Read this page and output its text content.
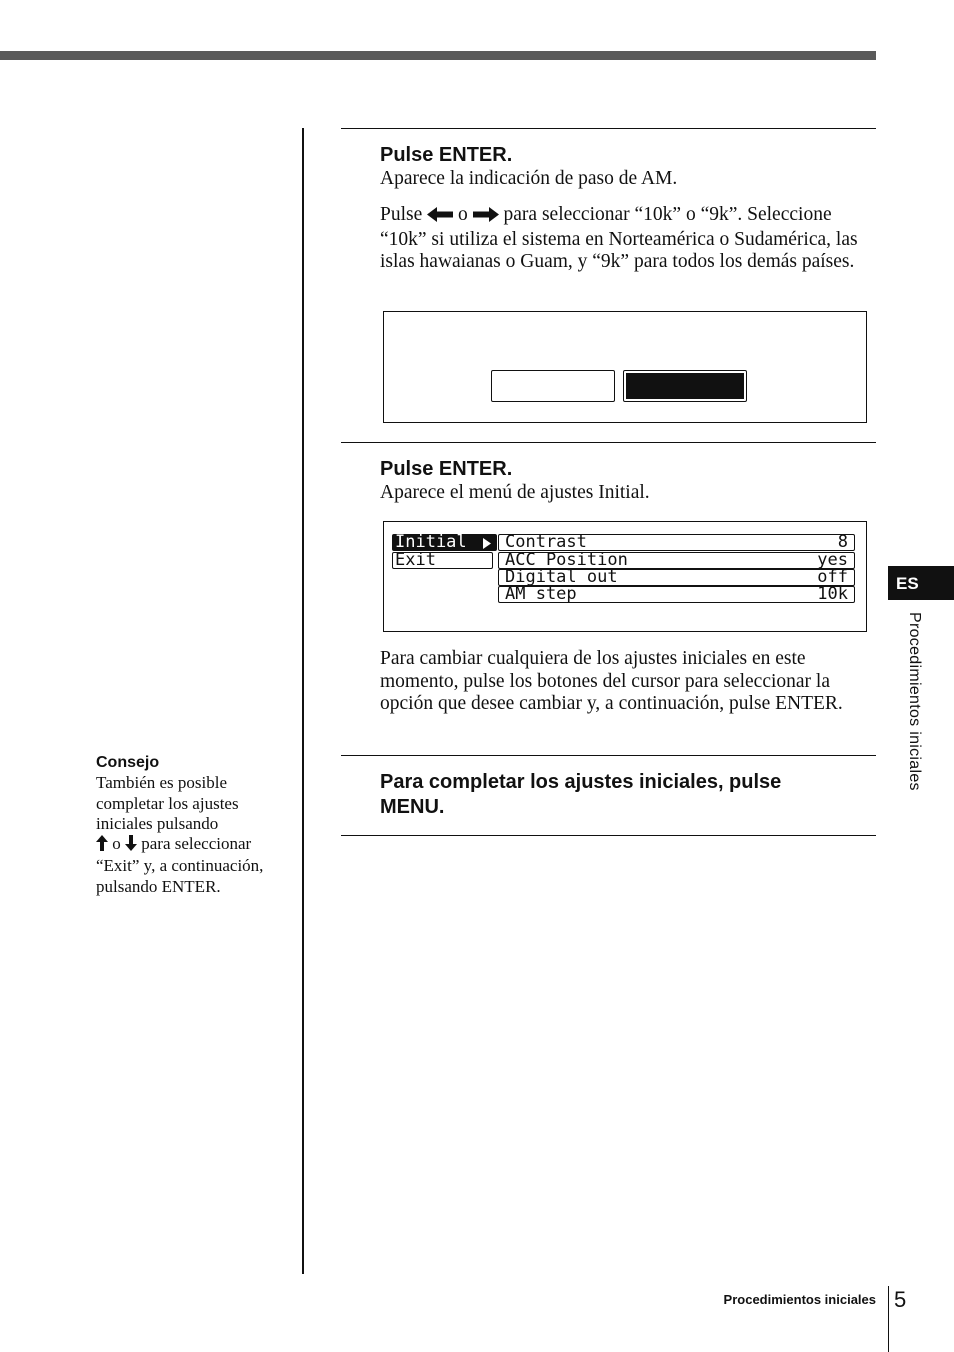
Pulse ENTER.
Aparece la indicación de paso de AM.
Pulse o para seleccionar “10k” o “9k”. Seleccione “10k” si utiliza el sistema en Norteamérica o Sudamérica, las islas hawaianas o Guam, y “9k” para todos los demás países.
Pulse ENTER.
Aparece el menú de ajustes Initial.
Initial
Exit
Contrast	8
ACC Position	yes
Digital out	off
AM step	10k
Para cambiar cualquiera de los ajustes iniciales en este momento, pulse los botones del cursor para seleccionar la opción que desee cambiar y, a continuación, pulse ENTER.
Para completar los ajustes iniciales, pulse MENU.
Consejo
También es posible completar los ajustes iniciales pulsando
o para seleccionar “Exit” y, a continuación, pulsando ENTER.
ES
Procedimientos iniciales
Procedimientos iniciales 5
